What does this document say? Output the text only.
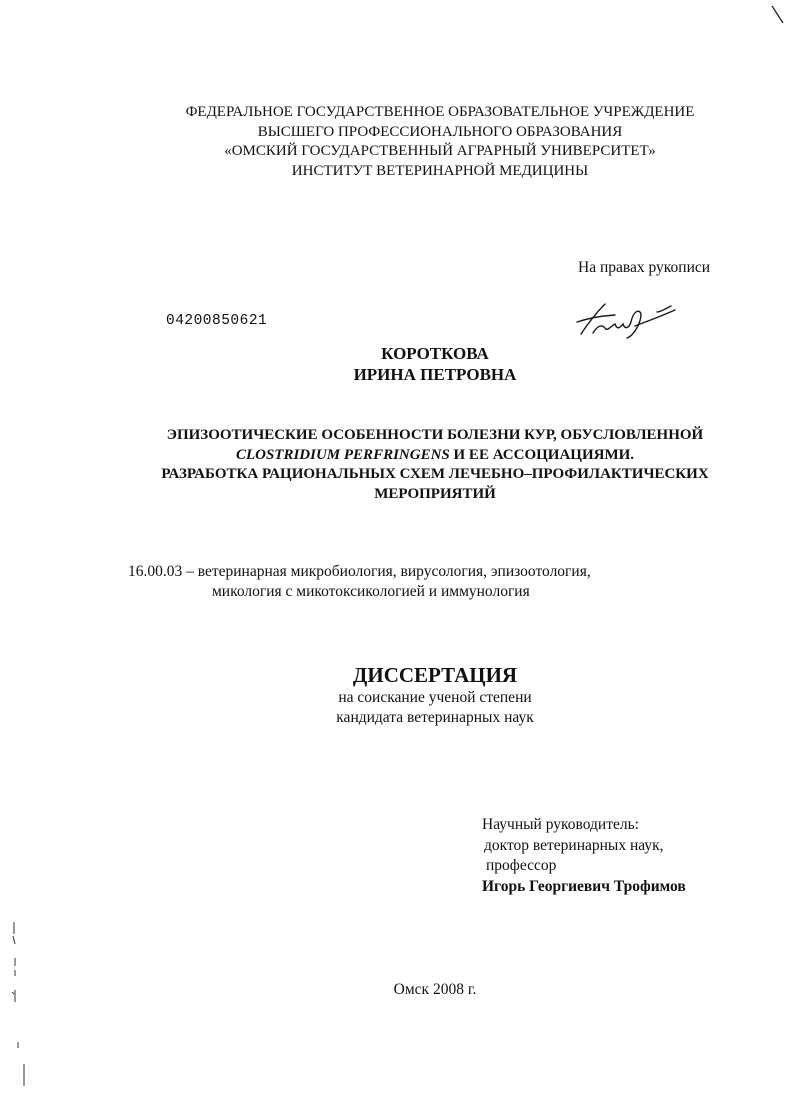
ФЕДЕРАЛЬНОЕ ГОСУДАРСТВЕННОЕ ОБРАЗОВАТЕЛЬНОЕ УЧРЕЖДЕНИЕ
ВЫСШЕГО ПРОФЕССИОНАЛЬНОГО ОБРАЗОВАНИЯ
«ОМСКИЙ ГОСУДАРСТВЕННЫЙ АГРАРНЫЙ УНИВЕРСИТЕТ»
ИНСТИТУТ ВЕТЕРИНАРНОЙ МЕДИЦИНЫ
На правах рукописи
04200850621
КОРОТКОВА
ИРИНА ПЕТРОВНА
ЭПИЗООТИЧЕСКИЕ ОСОБЕННОСТИ БОЛЕЗНИ КУР, ОБУСЛОВЛЕННОЙ
CLOSTRIDIUM PERFRINGENS И ЕЕ АССОЦИАЦИЯМИ.
РАЗРАБОТКА РАЦИОНАЛЬНЫХ СХЕМ ЛЕЧЕБНО–ПРОФИЛАКТИЧЕСКИХ
МЕРОПРИЯТИЙ
16.00.03 – ветеринарная микробиология, вирусология, эпизоотология,
микология с микотоксикологией и иммунология
ДИССЕРТАЦИЯ
на соискание ученой степени
кандидата ветеринарных наук
Научный руководитель:
доктор ветеринарных наук,
профессор
Игорь Георгиевич Трофимов
Омск 2008 г.
